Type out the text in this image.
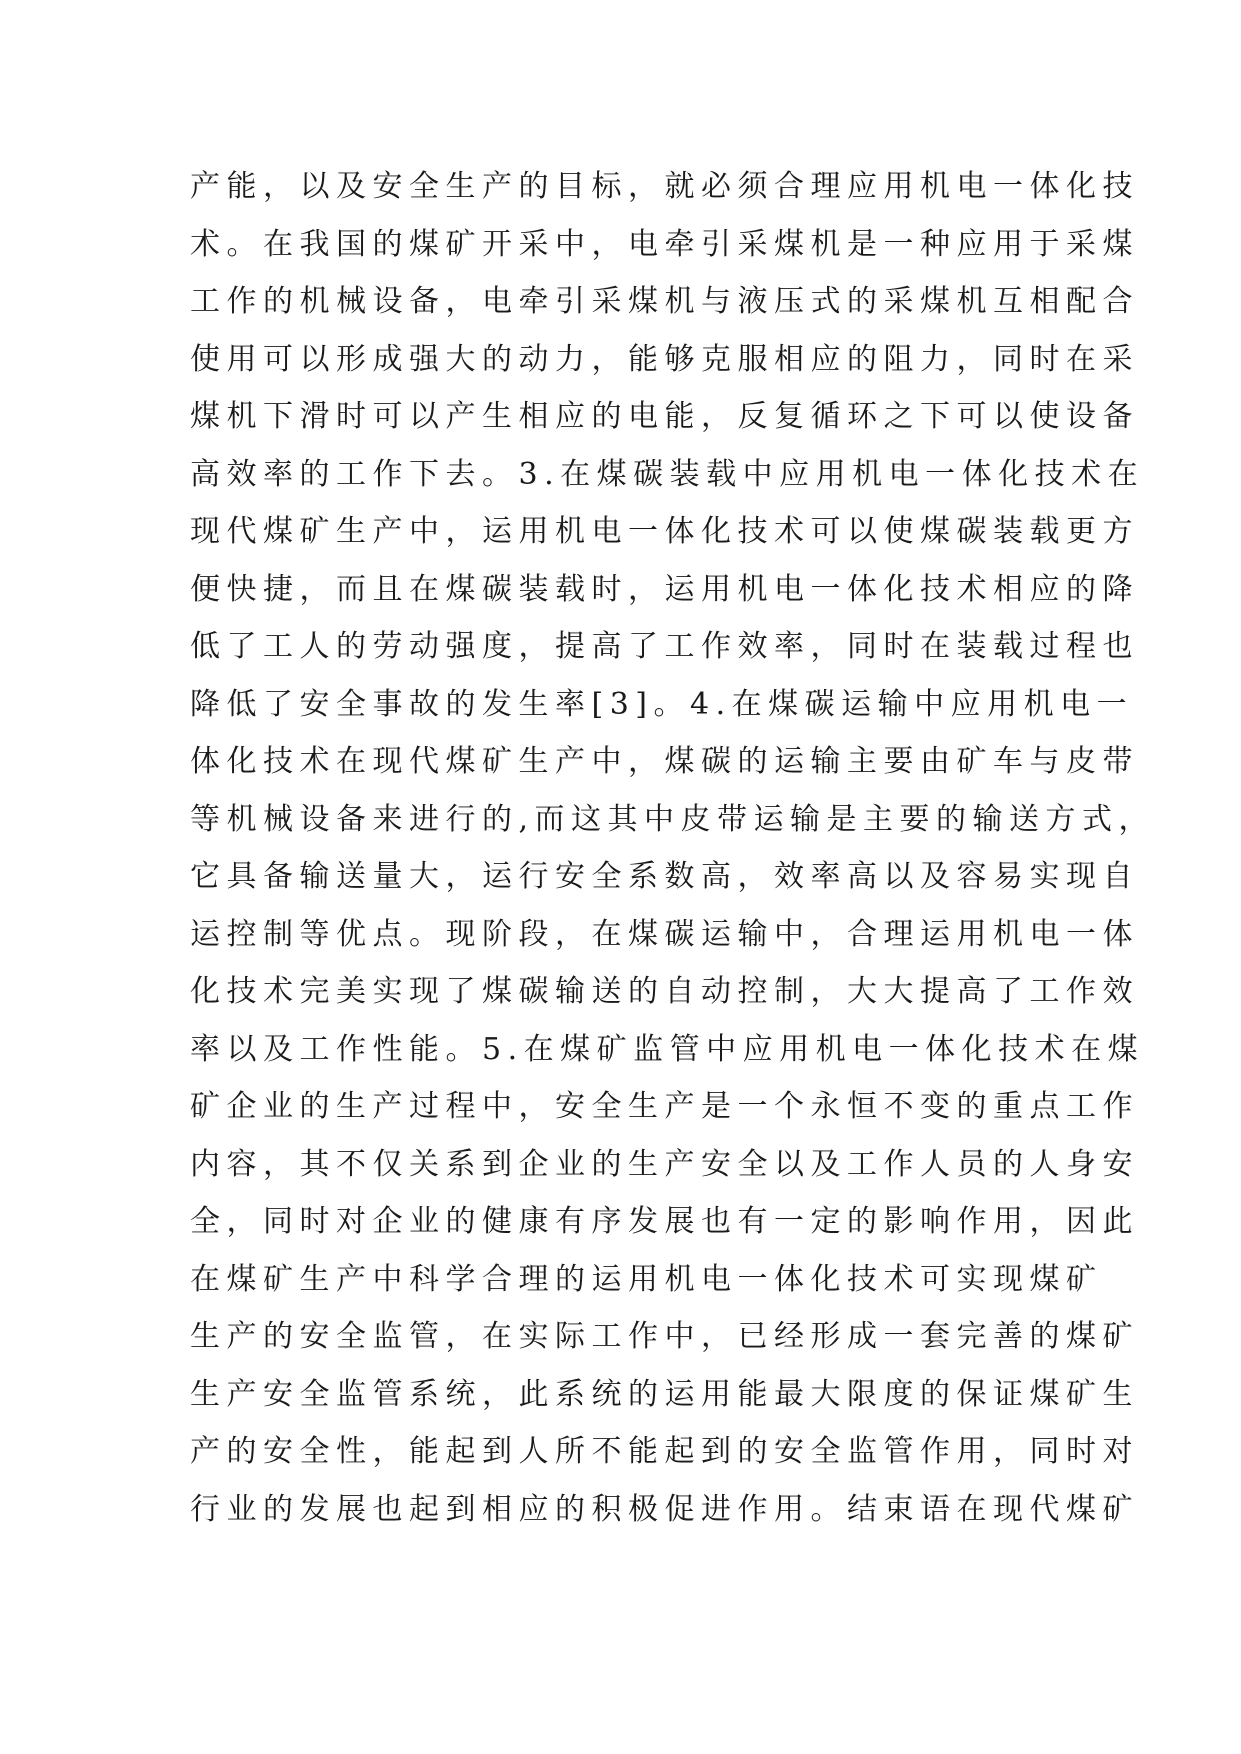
产能，以及安全生产的目标，就必须合理应用机电一体化技
术。在我国的煤矿开采中，电牵引采煤机是一种应用于采煤
工作的机械设备，电牵引采煤机与液压式的采煤机互相配合
使用可以形成强大的动力，能够克服相应的阻力，同时在采
煤机下滑时可以产生相应的电能，反复循环之下可以使设备
高效率的工作下去。3.在煤碳装载中应用机电一体化技术在
现代煤矿生产中，运用机电一体化技术可以使煤碳装载更方
便快捷，而且在煤碳装载时，运用机电一体化技术相应的降
低了工人的劳动强度，提高了工作效率，同时在装载过程也
降低了安全事故的发生率[3]。4.在煤碳运输中应用机电一
体化技术在现代煤矿生产中，煤碳的运输主要由矿车与皮带
等机械设备来进行的,而这其中皮带运输是主要的输送方式，
它具备输送量大，运行安全系数高，效率高以及容易实现自
运控制等优点。现阶段，在煤碳运输中，合理运用机电一体
化技术完美实现了煤碳输送的自动控制，大大提高了工作效
率以及工作性能。5.在煤矿监管中应用机电一体化技术在煤
矿企业的生产过程中，安全生产是一个永恒不变的重点工作
内容，其不仅关系到企业的生产安全以及工作人员的人身安
全，同时对企业的健康有序发展也有一定的影响作用，因此
在煤矿生产中科学合理的运用机电一体化技术可实现煤矿
生产的安全监管，在实际工作中，已经形成一套完善的煤矿
生产安全监管系统，此系统的运用能最大限度的保证煤矿生
产的安全性，能起到人所不能起到的安全监管作用，同时对
行业的发展也起到相应的积极促进作用。结束语在现代煤矿
